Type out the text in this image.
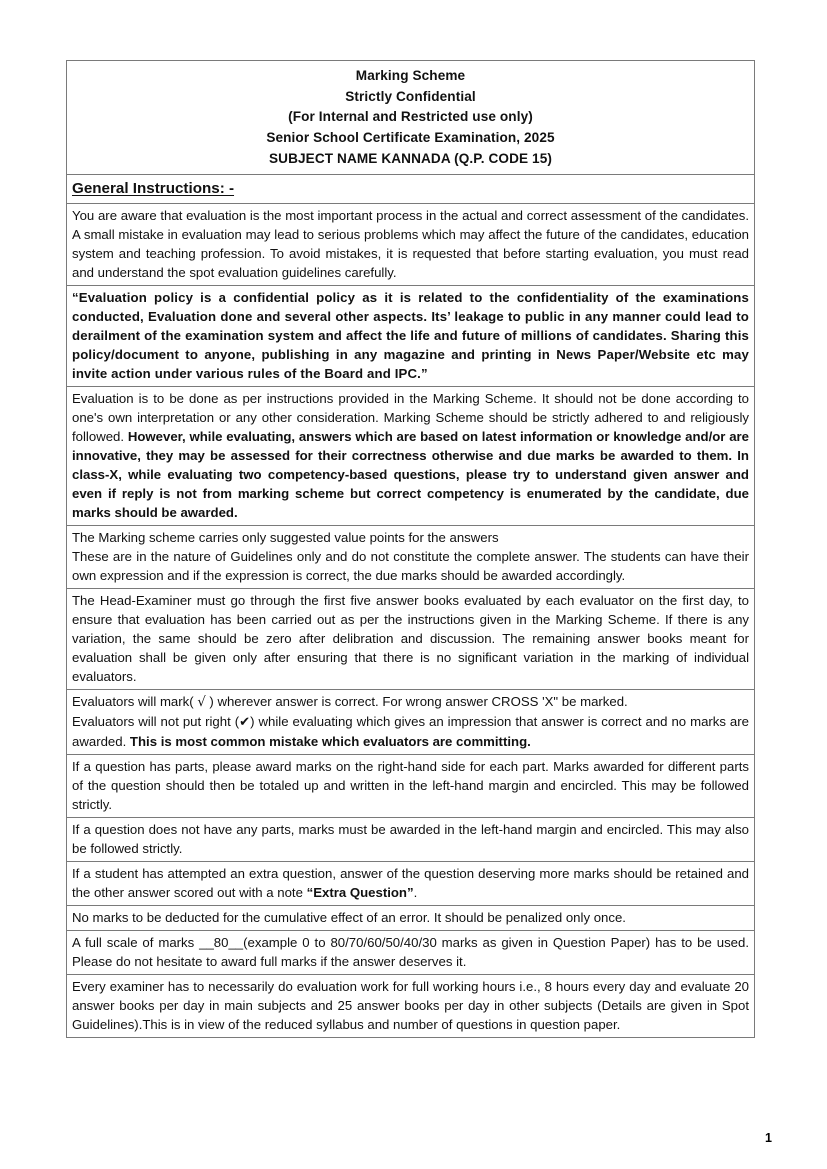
Marking Scheme
Strictly Confidential
(For Internal and Restricted use only)
Senior School Certificate Examination, 2025
SUBJECT NAME KANNADA (Q.P. CODE 15)

General Instructions: -

You are aware that evaluation is the most important process in the actual and correct assessment of the candidates. A small mistake in evaluation may lead to serious problems which may affect the future of the candidates, education system and teaching profession. To avoid mistakes, it is requested that before starting evaluation, you must read and understand the spot evaluation guidelines carefully.

“Evaluation policy is a confidential policy as it is related to the confidentiality of the examinations conducted, Evaluation done and several other aspects. Its’ leakage to public in any manner could lead to derailment of the examination system and affect the life and future of millions of candidates. Sharing this policy/document to anyone, publishing in any magazine and printing in News Paper/Website etc may invite action under various rules of the Board and IPC.”

Evaluation is to be done as per instructions provided in the Marking Scheme. It should not be done according to one's own interpretation or any other consideration. Marking Scheme should be strictly adhered to and religiously followed. However, while evaluating, answers which are based on latest information or knowledge and/or are innovative, they may be assessed for their correctness otherwise and due marks be awarded to them. In class-X, while evaluating two competency-based questions, please try to understand given answer and even if reply is not from marking scheme but correct competency is enumerated by the candidate, due marks should be awarded.

The Marking scheme carries only suggested value points for the answers

These are in the nature of Guidelines only and do not constitute the complete answer. The students can have their own expression and if the expression is correct, the due marks should be awarded accordingly.

The Head-Examiner must go through the first five answer books evaluated by each evaluator on the first day, to ensure that evaluation has been carried out as per the instructions given in the Marking Scheme. If there is any variation, the same should be zero after delibration and discussion. The remaining answer books meant for evaluation shall be given only after ensuring that there is no significant variation in the marking of individual evaluators.

Evaluators will mark( √ ) wherever answer is correct. For wrong answer CROSS 'X" be marked.

Evaluators will not put right (✔) while evaluating which gives an impression that answer is correct and no marks are awarded. This is most common mistake which evaluators are committing.

If a question has parts, please award marks on the right-hand side for each part. Marks awarded for different parts of the question should then be totaled up and written in the left-hand margin and encircled. This may be followed strictly.

If a question does not have any parts, marks must be awarded in the left-hand margin and encircled. This may also be followed strictly.

If a student has attempted an extra question, answer of the question deserving more marks should be retained and the other answer scored out with a note “Extra Question”.

No marks to be deducted for the cumulative effect of an error. It should be penalized only once.

A full scale of marks __80__(example 0 to 80/70/60/50/40/30 marks as given in Question Paper) has to be used. Please do not hesitate to award full marks if the answer deserves it.

Every examiner has to necessarily do evaluation work for full working hours i.e., 8 hours every day and evaluate 20 answer books per day in main subjects and 25 answer books per day in other subjects (Details are given in Spot Guidelines).This is in view of the reduced syllabus and number of questions in question paper.

1
